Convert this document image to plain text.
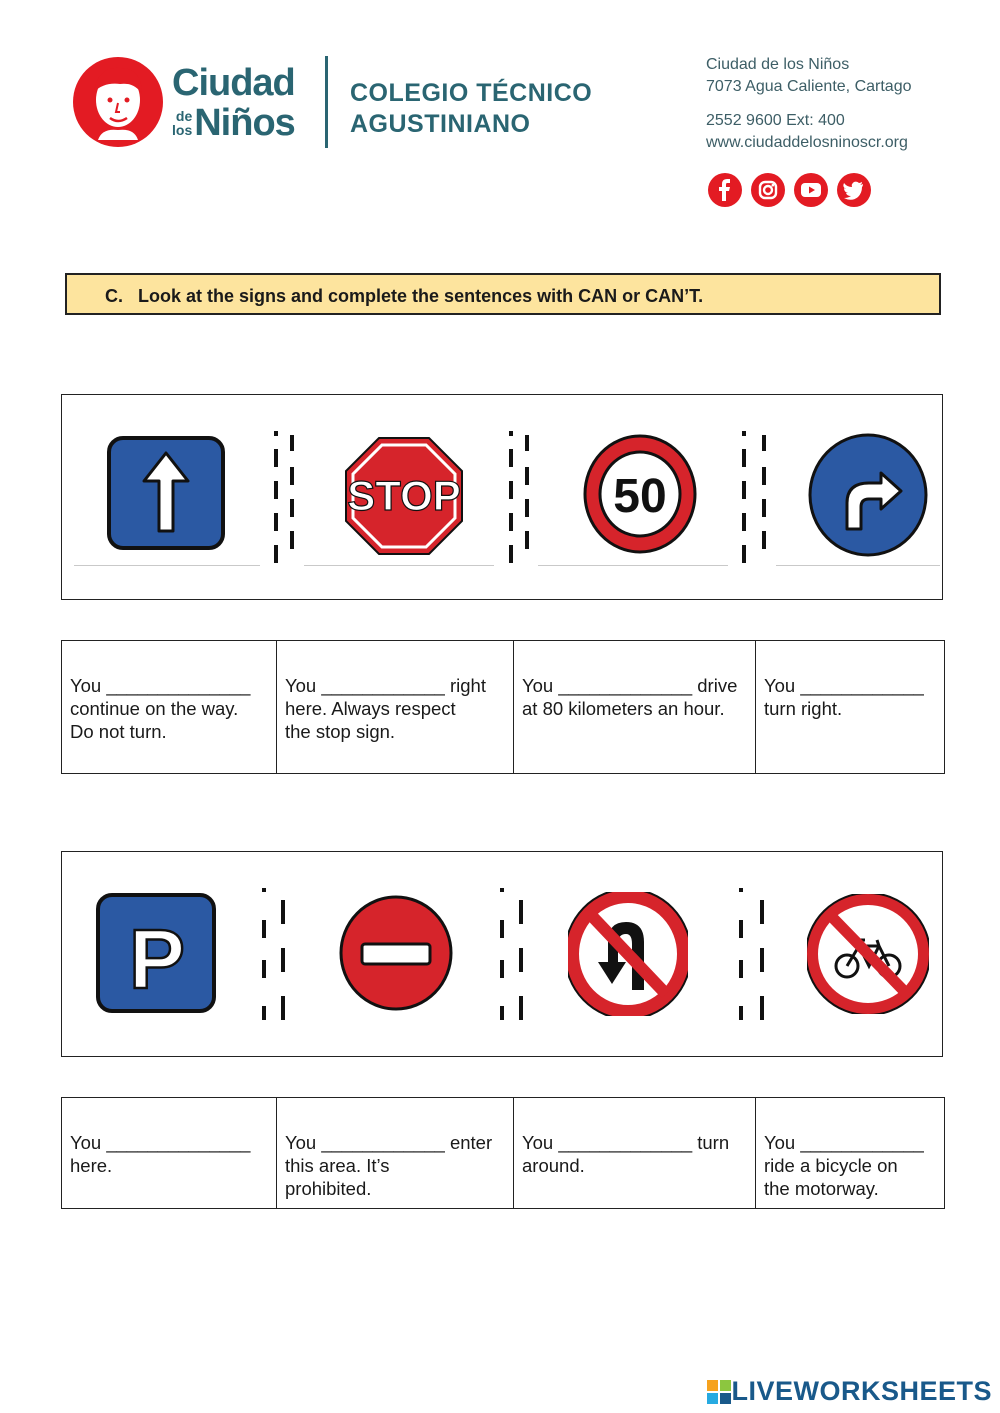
Ciudad
de
los Niños
COLEGIO TÉCNICO
AGUSTINIANO
Ciudad de los Niños
7073 Agua Caliente, Cartago
2552 9600 Ext: 400
www.ciudaddelosninoscr.org
C. Look at the signs and complete the sentences with CAN or CAN’T.
STOP	50
You ______________
continue on the way.
Do not turn.

You ____________ right
here. Always respect
the stop sign.

You _____________ drive
at 80 kilometers an hour.

You ____________
turn right.
P
You ______________
here.

You ____________ enter
this area. It’s
prohibited.

You _____________ turn
around.

You ____________
ride a bicycle on
the motorway.
LIVEWORKSHEETS
